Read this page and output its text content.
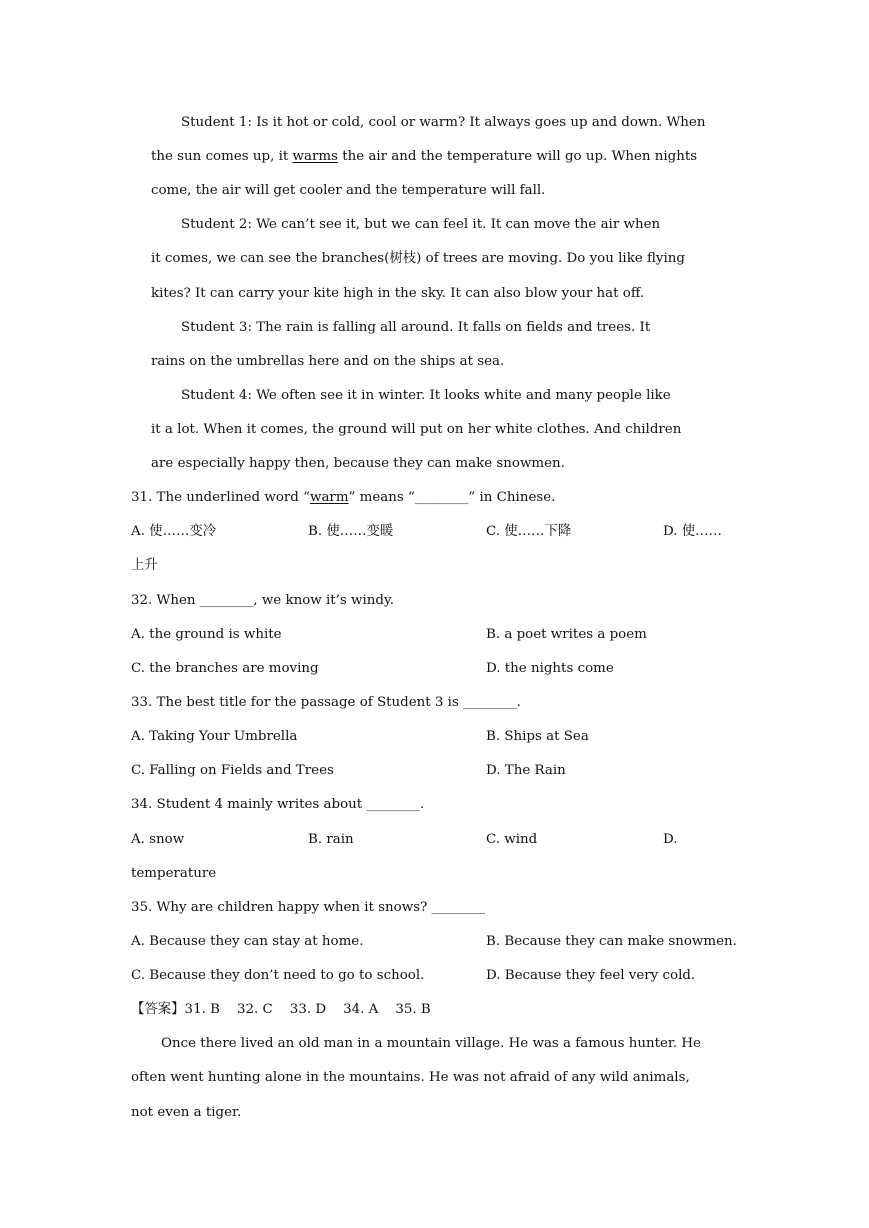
Student 1: Is it hot or cold, cool or warm? It always goes up and down. When
the sun comes up, it warms the air and the temperature will go up. When nights
come, the air will get cooler and the temperature will fall.
Student 2: We can’t see it, but we can feel it. It can move the air when
it comes, we can see the branches(树枝) of trees are moving. Do you like flying
kites? It can carry your kite high in the sky. It can also blow your hat off.
Student 3: The rain is falling all around. It falls on fields and trees. It
rains on the umbrellas here and on the ships at sea.
Student 4: We often see it in winter. It looks white and many people like
it a lot. When it comes, the ground will put on her white clothes. And children
are especially happy then, because they can make snowmen.
31. The underlined word “warm” means “________” in Chinese.
A. 使……变冷	B. 使……变暖	C. 使……下降	D. 使……
上升
32. When ________, we know it’s windy.
A. the ground is white	B. a poet writes a poem
C. the branches are moving	D. the nights come
33. The best title for the passage of Student 3 is ________.
A. Taking Your Umbrella	B. Ships at Sea
C. Falling on Fields and Trees	D. The Rain
34. Student 4 mainly writes about ________.
A. snow	B. rain	C. wind	D.
temperature
35. Why are children happy when it snows? ________
A. Because they can stay at home.	B. Because they can make snowmen.
C. Because they don’t need to go to school.	D. Because they feel very cold.
【答案】31. B    32. C    33. D    34. A    35. B
Once there lived an old man in a mountain village. He was a famous hunter. He
often went hunting alone in the mountains. He was not afraid of any wild animals,
not even a tiger.
